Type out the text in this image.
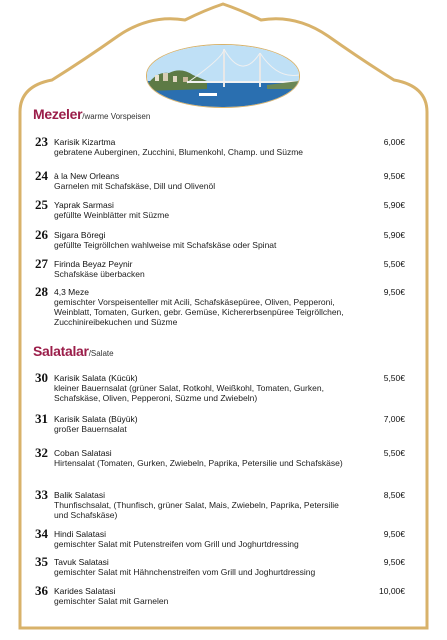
Mezeler/warme Vorspeisen
23 Karisik Kizartma
gebratene Auberginen, Zucchini, Blumenkohl, Champ. und Süzme
6,00€
24 à la New Orleans
Garnelen mit Schafskäse, Dill und Olivenöl
9,50€
25 Yaprak Sarmasi
gefüllte Weinblätter mit Süzme
5,90€
26 Sigara Böregi
gefüllte Teigröllchen wahlweise mit Schafskäse oder Spinat
5,90€
27 Firinda Beyaz Peynir
Schafskäse überbacken
5,50€
28 4,3 Meze
gemischter Vorspeisenteller mit Acili, Schafskäsepüree, Oliven, Pepperoni, Weinblatt, Tomaten, Gurken, gebr. Gemüse, Kichererbsenpüree Teigröllchen, Zucchinireibekuchen und Süzme
9,50€
Salatalar/Salate
30 Karisik Salata (Kücük)
kleiner Bauernsalat (grüner Salat, Rotkohl, Weißkohl, Tomaten, Gurken, Schafskäse, Oliven, Pepperoni, Süzme und Zwiebeln)
5,50€
31 Karisik Salata (Büyük)
großer Bauernsalat
7,00€
32 Coban Salatasi
Hirtensalat (Tomaten, Gurken, Zwiebeln, Paprika, Petersilie und Schafskäse)
5,50€
33 Balik Salatasi
Thunfischsalat, (Thunfisch, grüner Salat, Mais, Zwiebeln, Paprika, Petersilie und Schafskäse)
8,50€
34 Hindi Salatasi
gemischter Salat mit Putenstreifen vom Grill und Joghurtdressing
9,50€
35 Tavuk Salatasi
gemischter Salat mit Hähnchenstreifen vom Grill und Joghurtdressing
9,50€
36 Karides Salatasi
gemischter Salat mit Garnelen
10,00€
